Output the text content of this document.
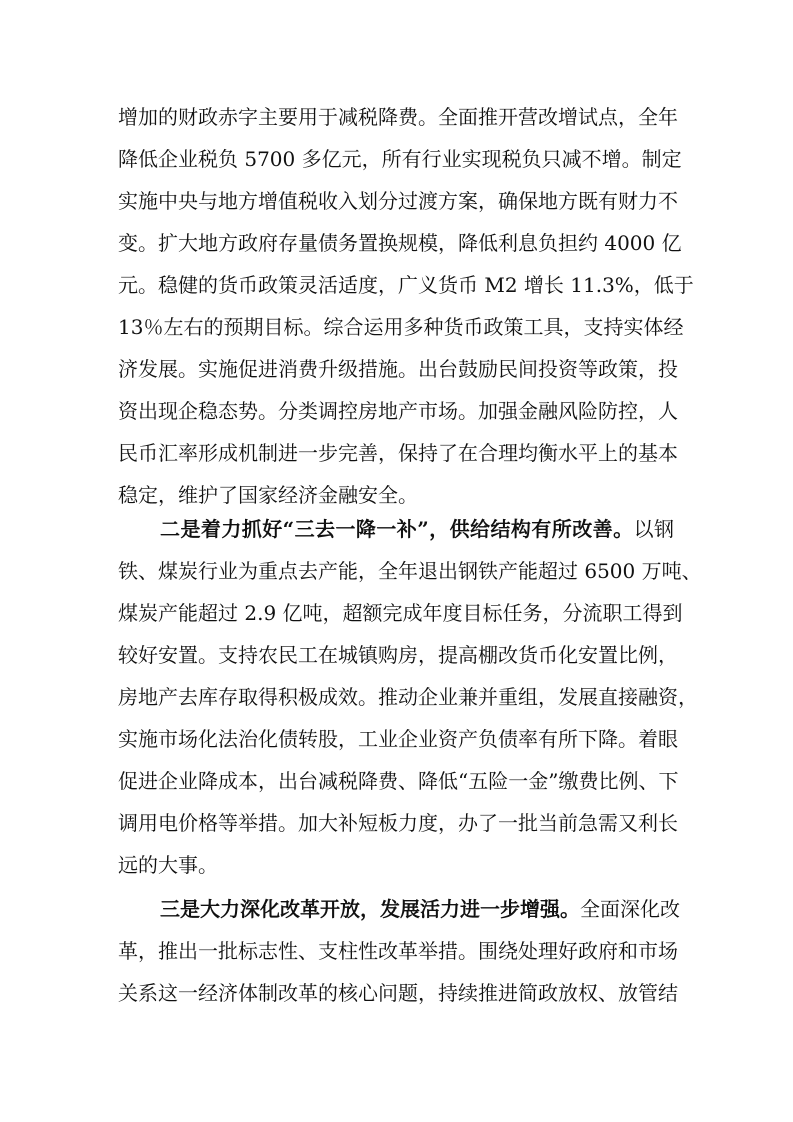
增加的财政赤字主要用于减税降费。全面推开营改增试点，全年
降低企业税负 5700 多亿元，所有行业实现税负只减不增。制定
实施中央与地方增值税收入划分过渡方案，确保地方既有财力不
变。扩大地方政府存量债务置换规模，降低利息负担约 4000 亿
元。稳健的货币政策灵活适度，广义货币 M2 增长 11.3%，低于
13％左右的预期目标。综合运用多种货币政策工具，支持实体经
济发展。实施促进消费升级措施。出台鼓励民间投资等政策，投
资出现企稳态势。分类调控房地产市场。加强金融风险防控，人
民币汇率形成机制进一步完善，保持了在合理均衡水平上的基本
稳定，维护了国家经济金融安全。
二是着力抓好“三去一降一补”，供给结构有所改善。以钢
铁、煤炭行业为重点去产能，全年退出钢铁产能超过 6500 万吨、
煤炭产能超过 2.9 亿吨，超额完成年度目标任务，分流职工得到
较好安置。支持农民工在城镇购房，提高棚改货币化安置比例，
房地产去库存取得积极成效。推动企业兼并重组，发展直接融资，
实施市场化法治化债转股，工业企业资产负债率有所下降。着眼
促进企业降成本，出台减税降费、降低“五险一金”缴费比例、下
调用电价格等举措。加大补短板力度，办了一批当前急需又利长
远的大事。
三是大力深化改革开放，发展活力进一步增强。全面深化改
革，推出一批标志性、支柱性改革举措。围绕处理好政府和市场
关系这一经济体制改革的核心问题，持续推进简政放权、放管结
